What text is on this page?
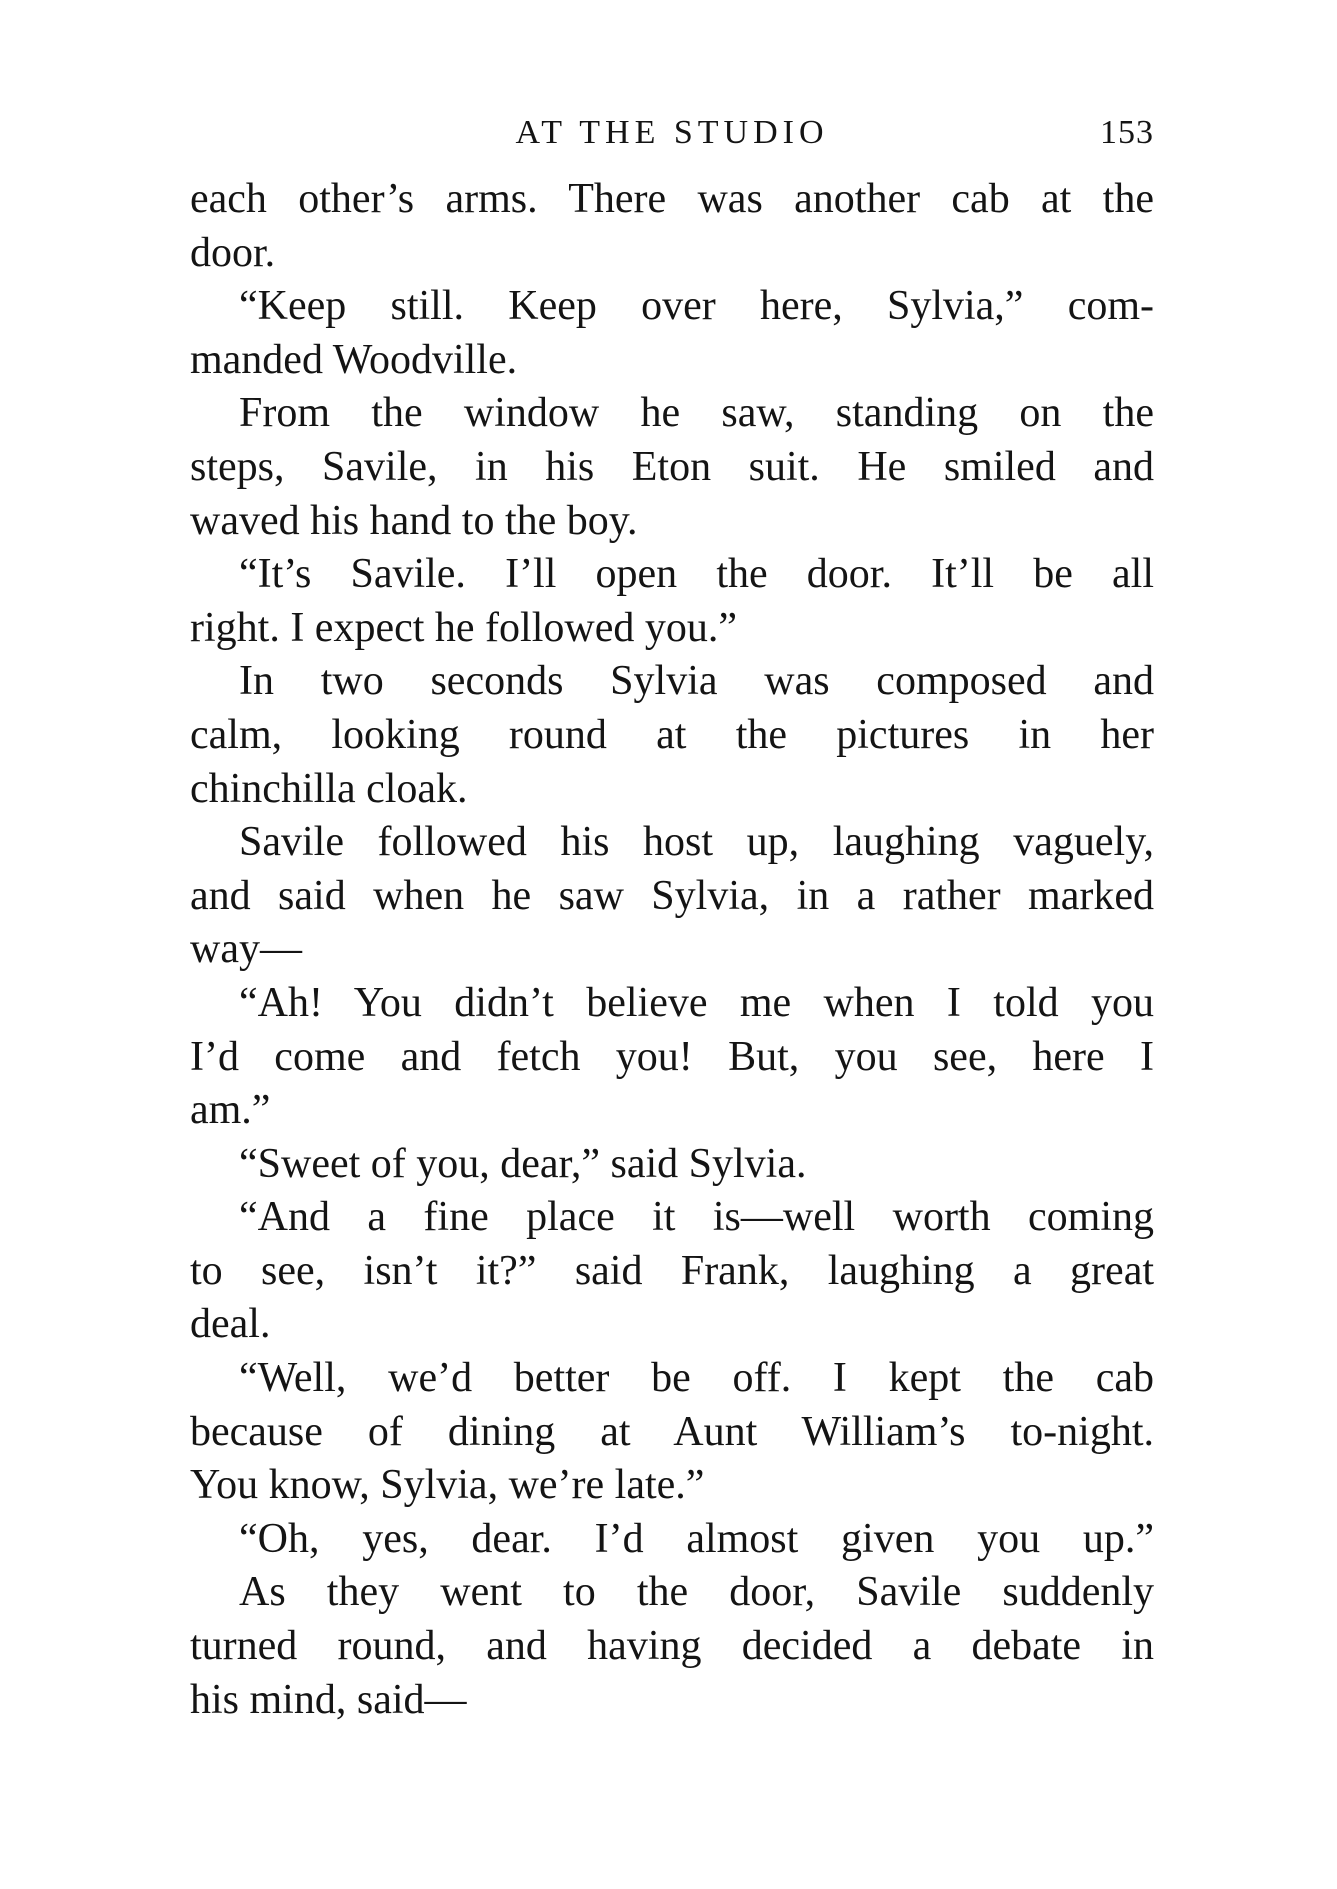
AT THE STUDIO	153
each other’s arms. There was another cab at the
door.
“Keep still. Keep over here, Sylvia,” com-
manded Woodville.
From the window he saw, standing on the
steps, Savile, in his Eton suit. He smiled and
waved his hand to the boy.
“It’s Savile. I’ll open the door. It’ll be all
right. I expect he followed you.”
In two seconds Sylvia was composed and
calm, looking round at the pictures in her
chinchilla cloak.
Savile followed his host up, laughing vaguely,
and said when he saw Sylvia, in a rather marked
way—
“Ah! You didn’t believe me when I told you
I’d come and fetch you! But, you see, here I
am.”
“Sweet of you, dear,” said Sylvia.
“And a fine place it is—well worth coming
to see, isn’t it?” said Frank, laughing a great
deal.
“Well, we’d better be off. I kept the cab
because of dining at Aunt William’s to-night.
You know, Sylvia, we’re late.”
“Oh, yes, dear. I’d almost given you up.”
As they went to the door, Savile suddenly
turned round, and having decided a debate in
his mind, said—
